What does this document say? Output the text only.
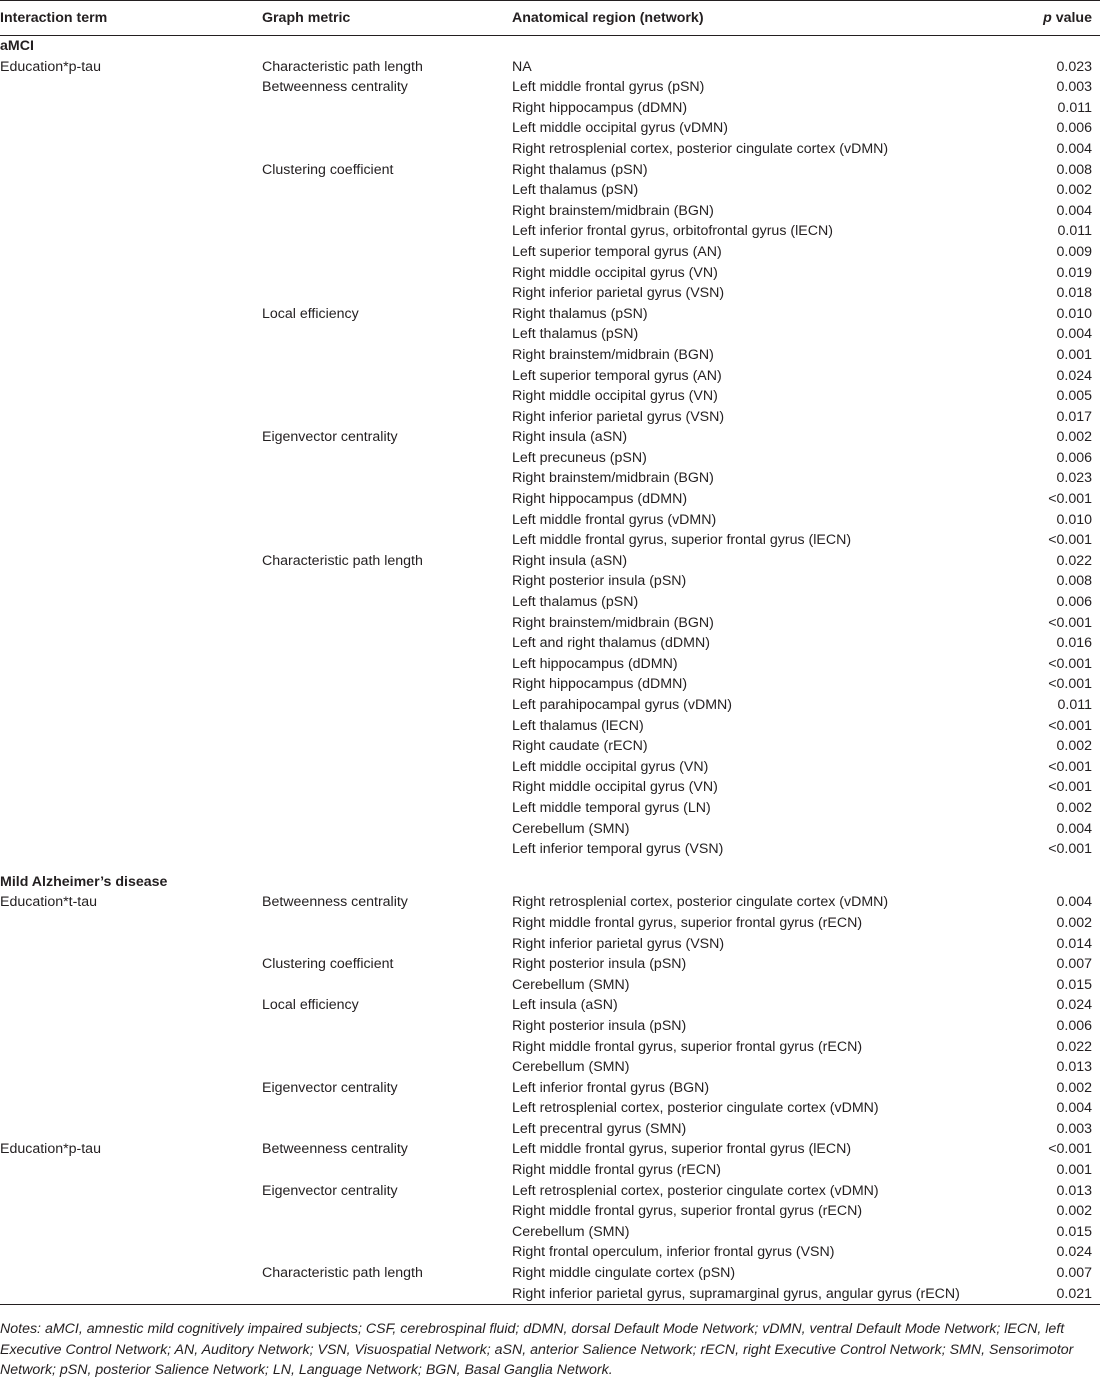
Interaction term	Graph metric	Anatomical region (network)	p value
aMCI			
Education*p-tau	Characteristic path length	NA	0.023
	Betweenness centrality	Left middle frontal gyrus (pSN)	0.003
		Right hippocampus (dDMN)	0.011
		Left middle occipital gyrus (vDMN)	0.006
		Right retrosplenial cortex, posterior cingulate cortex (vDMN)	0.004
	Clustering coefficient	Right thalamus (pSN)	0.008
		Left thalamus (pSN)	0.002
		Right brainstem/midbrain (BGN)	0.004
		Left inferior frontal gyrus, orbitofrontal gyrus (lECN)	0.011
		Left superior temporal gyrus (AN)	0.009
		Right middle occipital gyrus (VN)	0.019
		Right inferior parietal gyrus (VSN)	0.018
	Local efficiency	Right thalamus (pSN)	0.010
		Left thalamus (pSN)	0.004
		Right brainstem/midbrain (BGN)	0.001
		Left superior temporal gyrus (AN)	0.024
		Right middle occipital gyrus (VN)	0.005
		Right inferior parietal gyrus (VSN)	0.017
	Eigenvector centrality	Right insula (aSN)	0.002
		Left precuneus (pSN)	0.006
		Right brainstem/midbrain (BGN)	0.023
		Right hippocampus (dDMN)	<0.001
		Left middle frontal gyrus (vDMN)	0.010
		Left middle frontal gyrus, superior frontal gyrus (lECN)	<0.001
	Characteristic path length	Right insula (aSN)	0.022
		Right posterior insula (pSN)	0.008
		Left thalamus (pSN)	0.006
		Right brainstem/midbrain (BGN)	<0.001
		Left and right thalamus (dDMN)	0.016
		Left hippocampus (dDMN)	<0.001
		Right hippocampus (dDMN)	<0.001
		Left parahipocampal gyrus (vDMN)	0.011
		Left thalamus (lECN)	<0.001
		Right caudate (rECN)	0.002
		Left middle occipital gyrus (VN)	<0.001
		Right middle occipital gyrus (VN)	<0.001
		Left middle temporal gyrus (LN)	0.002
		Cerebellum (SMN)	0.004
		Left inferior temporal gyrus (VSN)	<0.001

Mild Alzheimer’s disease			
Education*t-tau	Betweenness centrality	Right retrosplenial cortex, posterior cingulate cortex (vDMN)	0.004
		Right middle frontal gyrus, superior frontal gyrus (rECN)	0.002
		Right inferior parietal gyrus (VSN)	0.014
	Clustering coefficient	Right posterior insula (pSN)	0.007
		Cerebellum (SMN)	0.015
	Local efficiency	Left insula (aSN)	0.024
		Right posterior insula (pSN)	0.006
		Right middle frontal gyrus, superior frontal gyrus (rECN)	0.022
		Cerebellum (SMN)	0.013
	Eigenvector centrality	Left inferior frontal gyrus (BGN)	0.002
		Left retrosplenial cortex, posterior cingulate cortex (vDMN)	0.004
		Left precentral gyrus (SMN)	0.003
Education*p-tau	Betweenness centrality	Left middle frontal gyrus, superior frontal gyrus (lECN)	<0.001
		Right middle frontal gyrus (rECN)	0.001
	Eigenvector centrality	Left retrosplenial cortex, posterior cingulate cortex (vDMN)	0.013
		Right middle frontal gyrus, superior frontal gyrus (rECN)	0.002
		Cerebellum (SMN)	0.015
		Right frontal operculum, inferior frontal gyrus (VSN)	0.024
	Characteristic path length	Right middle cingulate cortex (pSN)	0.007
		Right inferior parietal gyrus, supramarginal gyrus, angular gyrus (rECN)	0.021
Notes: aMCI, amnestic mild cognitively impaired subjects; CSF, cerebrospinal fluid; dDMN, dorsal Default Mode Network; vDMN, ventral Default Mode Network; lECN, left Executive Control Network; AN, Auditory Network; VSN, Visuospatial Network; aSN, anterior Salience Network; rECN, right Executive Control Network; SMN, Sensorimotor Network; pSN, posterior Salience Network; LN, Language Network; BGN, Basal Ganglia Network.
